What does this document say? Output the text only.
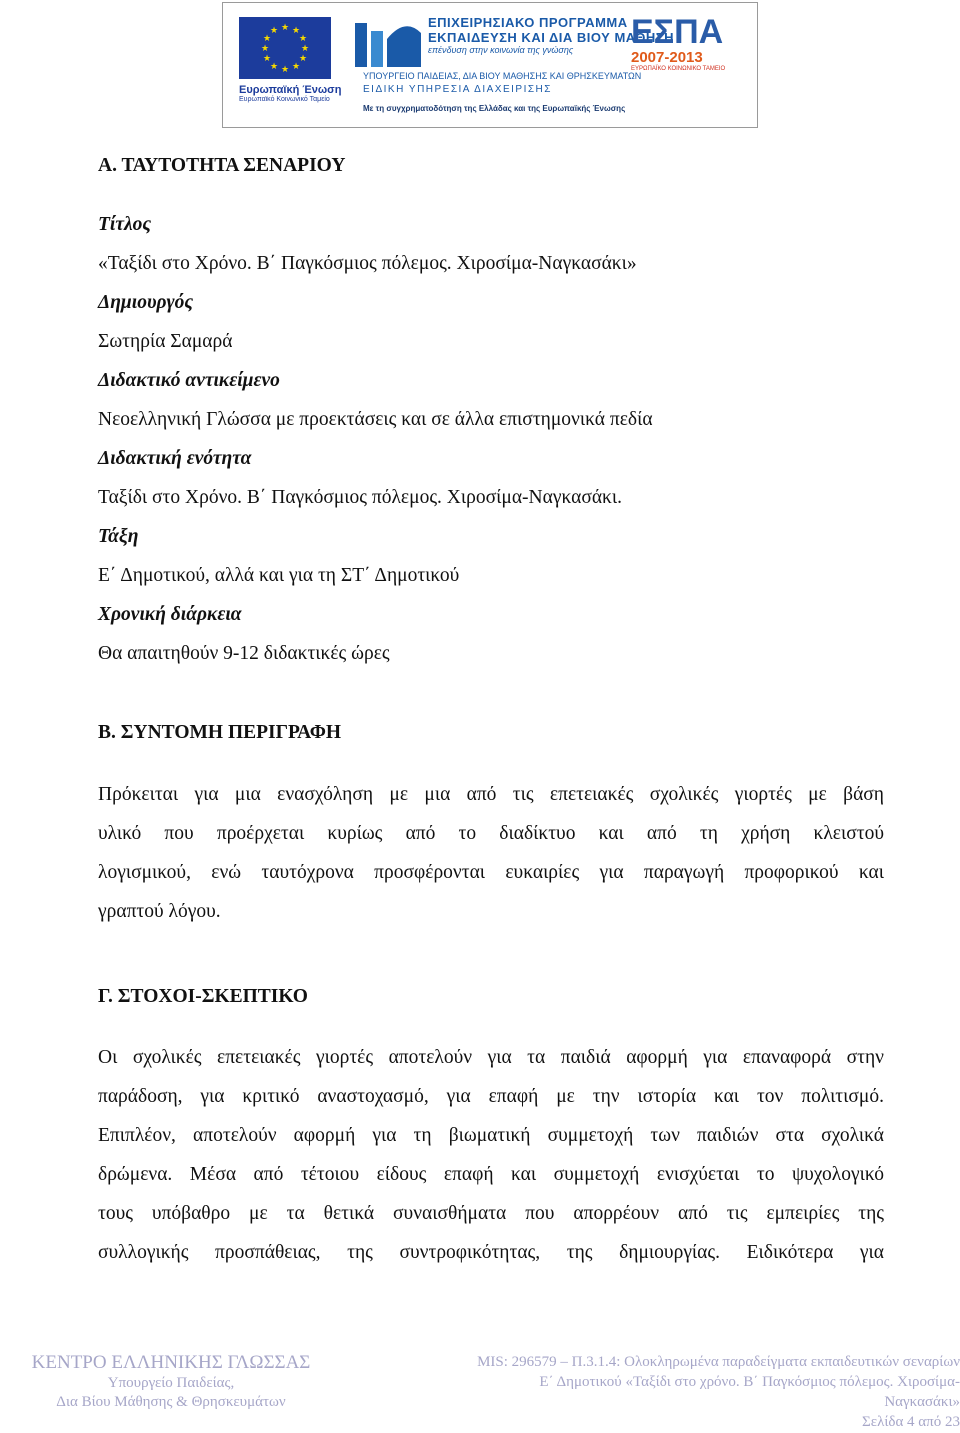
★ ★
★
★
★
★
★
★
★
★
★
★
Ευρωπαϊκή Ένωση
Ευρωπαϊκό Κοινωνικό Ταμείο
ΕΠΙΧΕΙΡΗΣΙΑΚΟ ΠΡΟΓΡΑΜΜΑ
ΕΚΠΑΙΔΕΥΣΗ ΚΑΙ ΔΙΑ ΒΙΟΥ ΜΑΘΗΣΗ
επένδυση στην κοινωνία της γνώσης
ΥΠΟΥΡΓΕΙΟ ΠΑΙΔΕΙΑΣ, ΔΙΑ ΒΙΟΥ ΜΑΘΗΣΗΣ ΚΑΙ ΘΡΗΣΚΕΥΜΑΤΩΝ
ΕΙΔΙΚΗ ΥΠΗΡΕΣΙΑ ΔΙΑΧΕΙΡΙΣΗΣ
Με τη συγχρηματοδότηση της Ελλάδας και της Ευρωπαϊκής Ένωσης
ΕΣΠΑ
2007-2013
ΕΥΡΩΠΑΪΚΟ ΚΟΙΝΩΝΙΚΟ ΤΑΜΕΙΟ
Α. ΤΑΥΤΟΤΗΤΑ ΣΕΝΑΡΙΟΥ
Τίτλος
«Ταξίδι στο Χρόνο. Β΄ Παγκόσμιος πόλεμος. Χιροσίμα-Ναγκασάκι»
Δημιουργός
Σωτηρία Σαμαρά
Διδακτικό αντικείμενο
Νεοελληνική Γλώσσα με προεκτάσεις και σε άλλα επιστημονικά πεδία
Διδακτική ενότητα
Ταξίδι στο Χρόνο. Β΄ Παγκόσμιος πόλεμος. Χιροσίμα-Ναγκασάκι.
Τάξη
Ε΄ Δημοτικού, αλλά και για τη ΣΤ΄ Δημοτικού
Χρονική διάρκεια
Θα απαιτηθούν 9-12 διδακτικές ώρες
Β. ΣΥΝΤΟΜΗ ΠΕΡΙΓΡΑΦΗ
Πρόκειται για μια ενασχόληση με μια από τις επετειακές σχολικές γιορτές με βάση
υλικό που προέρχεται κυρίως από το διαδίκτυο και από τη χρήση κλειστού
λογισμικού, ενώ ταυτόχρονα προσφέρονται ευκαιρίες για παραγωγή προφορικού και
γραπτού λόγου.
Γ. ΣΤΟΧΟΙ-ΣΚΕΠΤΙΚΟ
Οι σχολικές επετειακές γιορτές αποτελούν για τα παιδιά αφορμή για επαναφορά στην
παράδοση, για κριτικό αναστοχασμό, για επαφή με την ιστορία και τον πολιτισμό.
Επιπλέον, αποτελούν αφορμή για τη βιωματική συμμετοχή των παιδιών στα σχολικά
δρώμενα. Μέσα από τέτοιου είδους επαφή και συμμετοχή ενισχύεται το ψυχολογικό
τους υπόβαθρο με τα θετικά συναισθήματα που απορρέουν από τις εμπειρίες της
συλλογικής προσπάθειας, της συντροφικότητας, της δημιουργίας. Ειδικότερα για
ΚΕΝΤΡΟ ΕΛΛΗΝΙΚΗΣ ΓΛΩΣΣΑΣ
Υπουργείο Παιδείας,
Δια Βίου Μάθησης & Θρησκευμάτων
MIS: 296579 – Π.3.1.4: Ολοκληρωμένα παραδείγματα εκπαιδευτικών σεναρίων
Ε΄ Δημοτικού «Ταξίδι στο χρόνο. Β΄ Παγκόσμιος πόλεμος. Χιροσίμα-
Ναγκασάκι»
Σελίδα 4 από 23
